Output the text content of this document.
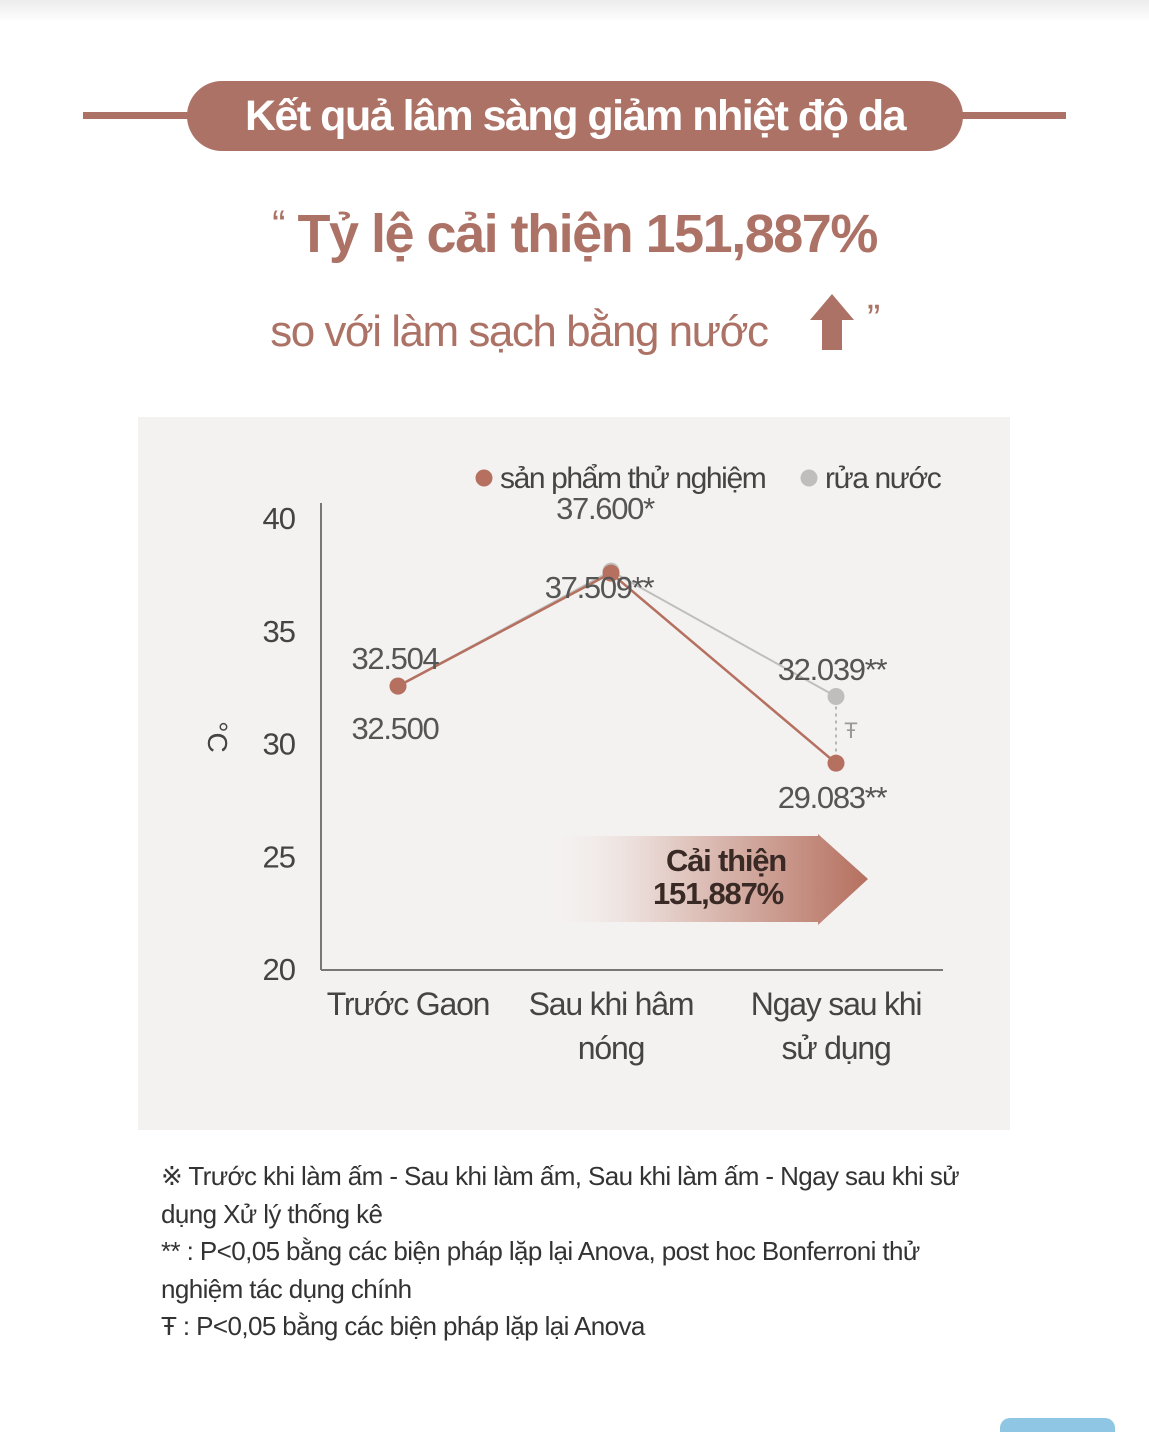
Kết quả lâm sàng giảm nhiệt độ da
“ Tỷ lệ cải thiện 151,887%
so với làm sạch bằng nước ”
40
35
30
25
20
°C
Trước Gaon Sau khi hâm
nóng
Ngay sau khi
sử dụng
Ŧ
32.500
37.509**
29.083**
32.504
37.600*
32.039**
sản phẩm thử nghiệm rửa nước
Cải thiện
151,887%
※ Trước khi làm ấm - Sau khi làm ấm, Sau khi làm ấm - Ngay sau khi sử dụng Xử lý thống kê
** : P<0,05 bằng các biện pháp lặp lại Anova, post hoc Bonferroni thử nghiệm tác dụng chính
Ŧ : P<0,05 bằng các biện pháp lặp lại Anova
